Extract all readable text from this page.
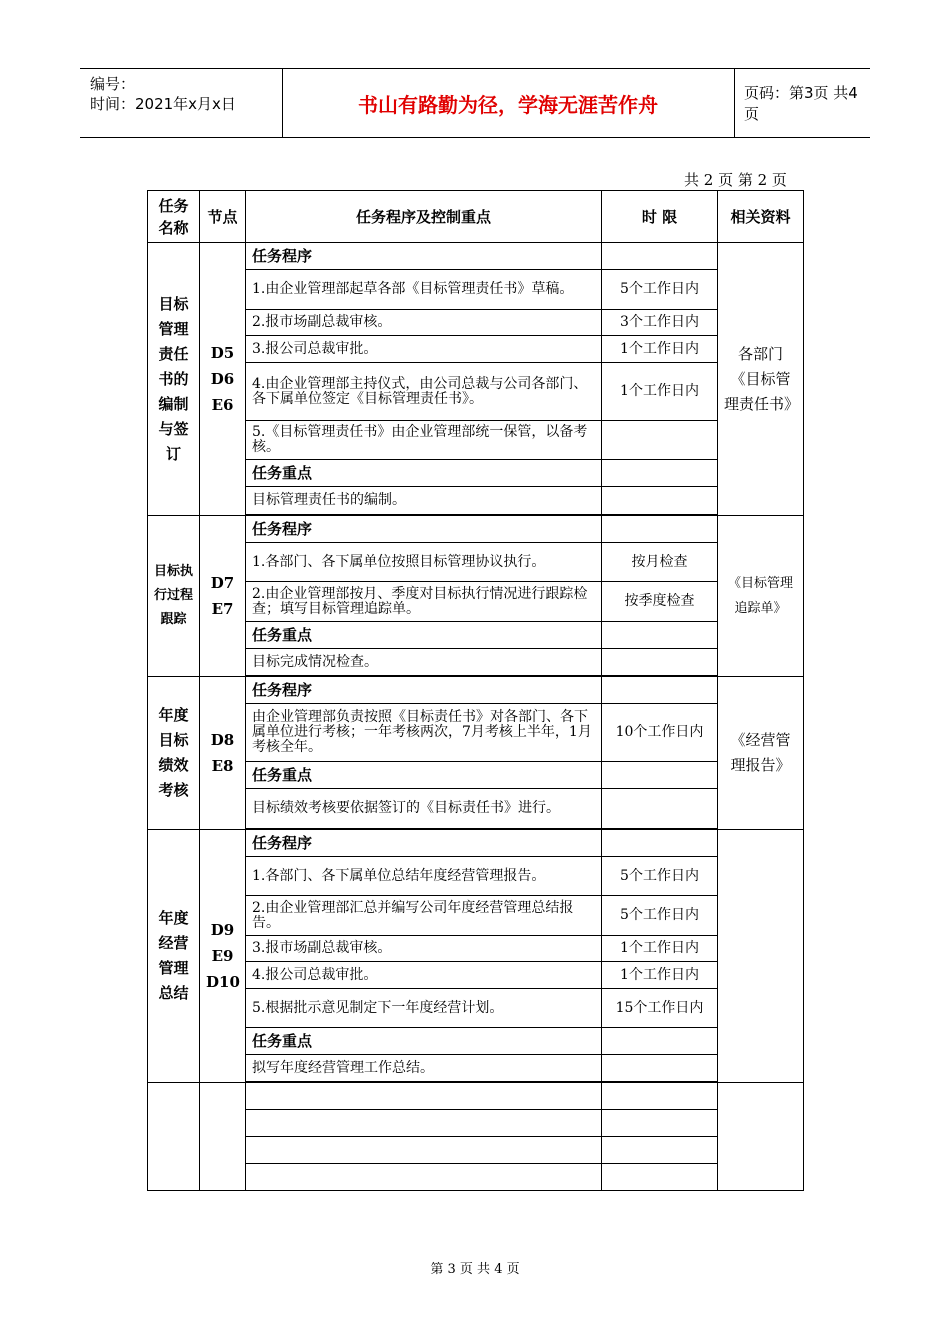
编号：
时间：2021年x月x日	书山有路勤为径，学海无涯苦作舟	页码：第3页 共4页
共 2 页 第 2 页
任务名称	节点	任务程序及控制重点	时 限	相关资料
目标管理责任书的编制与签订	D5 D6 E6	任务程序		各部门《目标管理责任书》
		1.由企业管理部起草各部《目标管理责任书》草稿。	5个工作日内	
		2.报市场副总裁审核。	3个工作日内	
		3.报公司总裁审批。	1个工作日内	
		4.由企业管理部主持仪式，由公司总裁与公司各部门、各下属单位签定《目标管理责任书》。	1个工作日内	
		5.《目标管理责任书》由企业管理部统一保管，以备考核。		
		任务重点		
		目标管理责任书的编制。		

目标执行过程跟踪	D7 E7	任务程序		《目标管理追踪单》
		1.各部门、各下属单位按照目标管理协议执行。	按月检查	
		2.由企业管理部按月、季度对目标执行情况进行跟踪检查；填写目标管理追踪单。	按季度检查	
		任务重点		
		目标完成情况检查。		

年度目标绩效考核	D8 E8	任务程序		《经营管理报告》
		由企业管理部负责按照《目标责任书》对各部门、各下属单位进行考核；一年考核两次，7月考核上半年，1月考核全年。	10个工作日内	
		任务重点		
		目标绩效考核要依据签订的《目标责任书》进行。		

年度经营管理总结	D9 E9 D10	任务程序		
		1.各部门、各下属单位总结年度经营管理报告。	5个工作日内	
		2.由企业管理部汇总并编写公司年度经营管理总结报告。	5个工作日内	
		3.报市场副总裁审核。	1个工作日内	
		4.报公司总裁审批。	1个工作日内	
		5.根据批示意见制定下一年度经营计划。	15个工作日内	
		任务重点		
		拟写年度经营管理工作总结。		

第 3 页 共 4 页
